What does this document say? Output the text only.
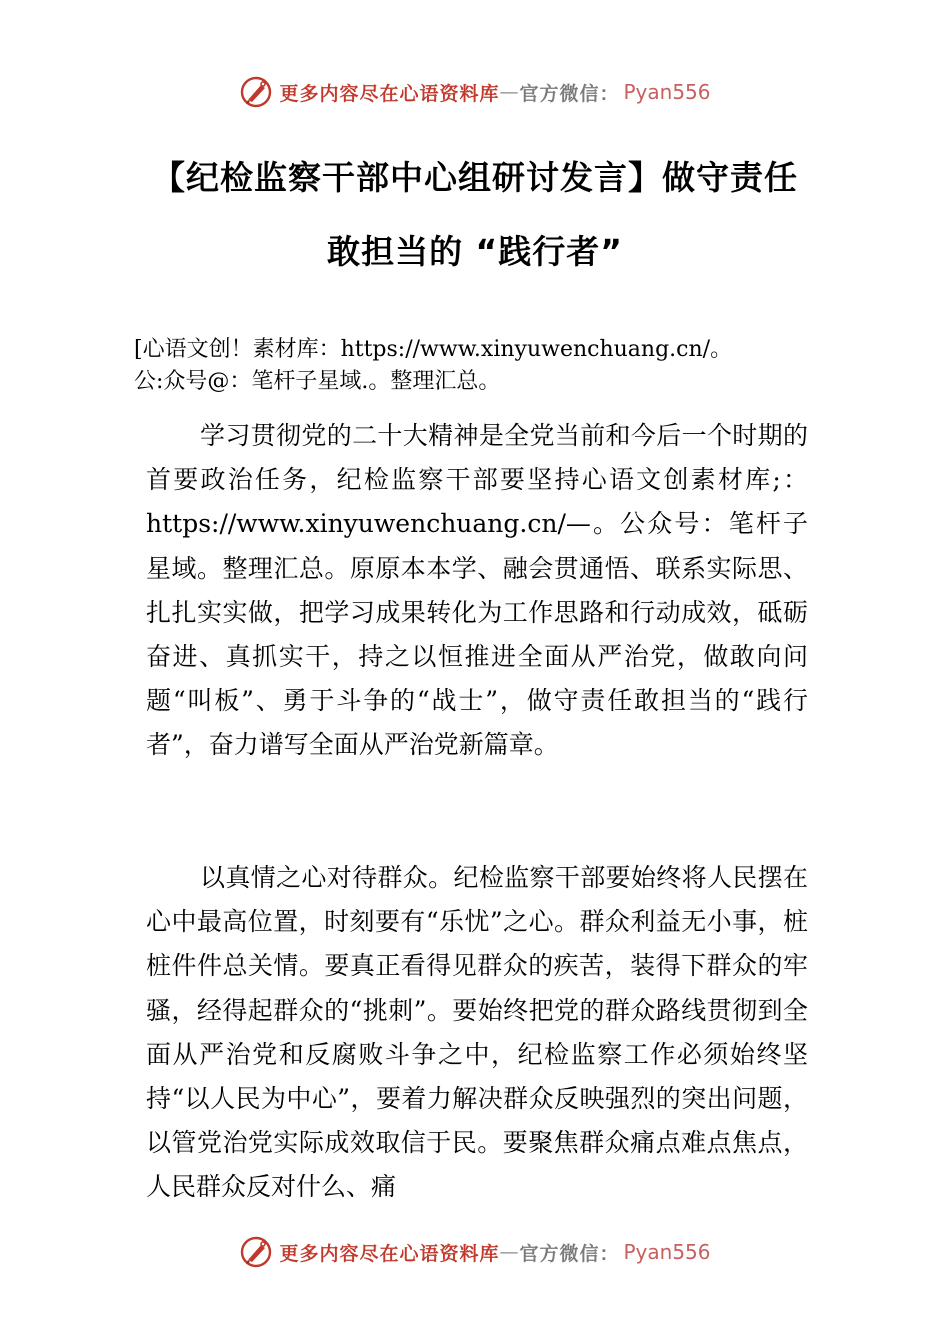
更多内容尽在心语资料库 — 官方微信： Pyan556
【纪检监察干部中心组研讨发言】做守责任
敢担当的 “践行者”
[心语文创！素材库：https://www.xinyuwenchuang.cn/。
公:众号@：笔杆子星域.。整理汇总。

学习贯彻党的二十大精神是全党当前和今后一个时期的首要政治任务，纪检监察干部要坚持心语文创素材库;：https://www.xinyuwenchuang.cn/—。公众号：笔杆子星域。整理汇总。原原本本学、融会贯通悟、联系实际思、扎扎实实做，把学习成果转化为工作思路和行动成效，砥砺奋进、真抓实干，持之以恒推进全面从严治党，做敢向问题“叫板”、勇于斗争的“战士”，做守责任敢担当的“践行者”，奋力谱写全面从严治党新篇章。

以真情之心对待群众。纪检监察干部要始终将人民摆在心中最高位置，时刻要有“乐忧”之心。群众利益无小事，桩桩件件总关情。要真正看得见群众的疾苦，装得下群众的牢骚，经得起群众的“挑刺”。要始终把党的群众路线贯彻到全面从严治党和反腐败斗争之中，纪检监察工作必须始终坚持“以人民为中心”，要着力解决群众反映强烈的突出问题，以管党治党实际成效取信于民。要聚焦群众痛点难点焦点，人民群众反对什么、痛

更多内容尽在心语资料库 — 官方微信： Pyan556
